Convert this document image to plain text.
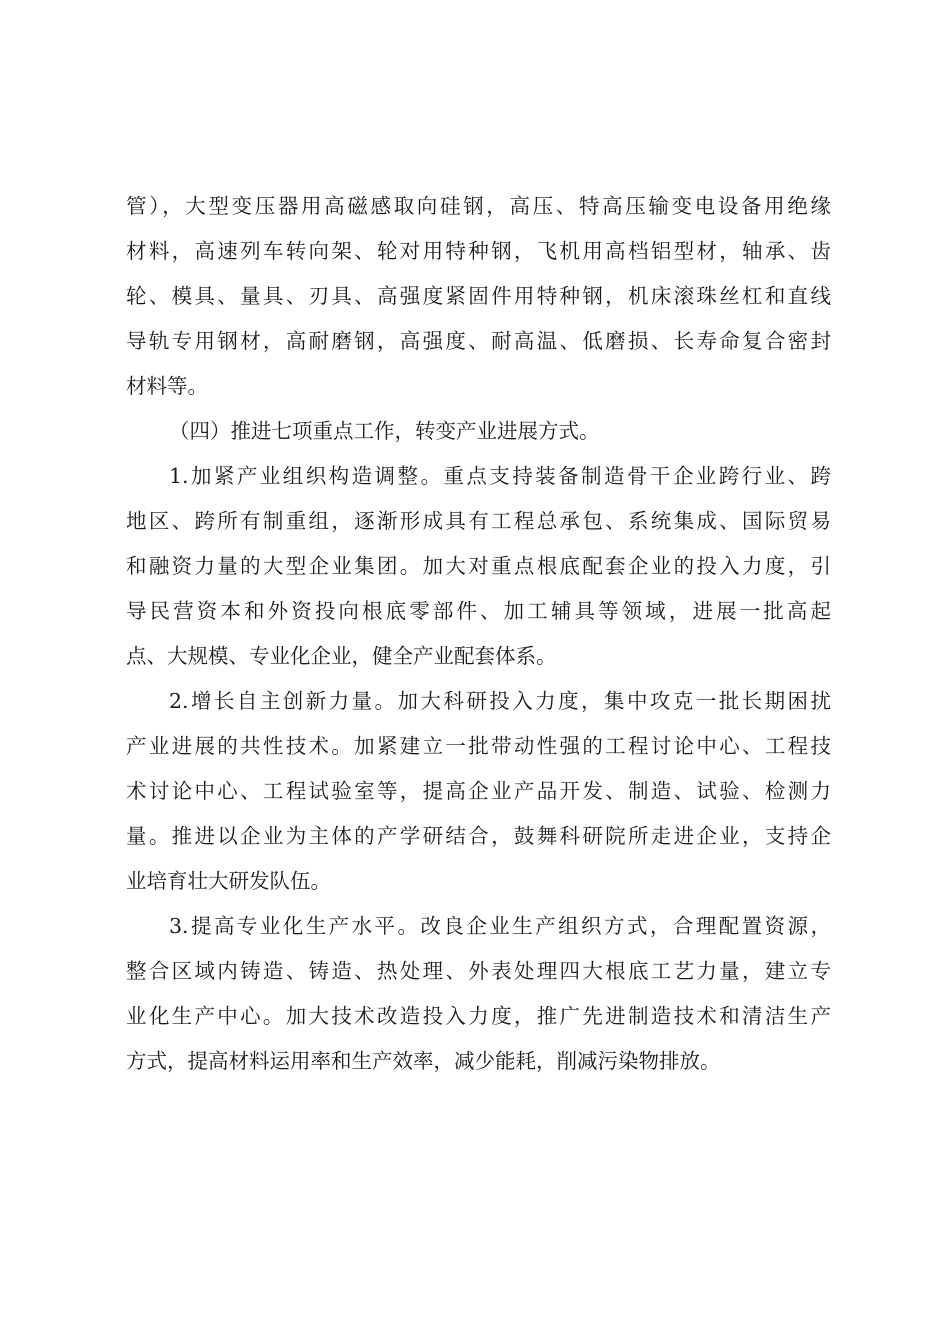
管），大型变压器用高磁感取向硅钢，高压、特高压输变电设备用绝缘
材料，高速列车转向架、轮对用特种钢，飞机用高档铝型材，轴承、齿
轮、模具、量具、刃具、高强度紧固件用特种钢，机床滚珠丝杠和直线
导轨专用钢材，高耐磨钢，高强度、耐高温、低磨损、长寿命复合密封
材料等。
（四）推进七项重点工作，转变产业进展方式。
1.加紧产业组织构造调整。重点支持装备制造骨干企业跨行业、跨
地区、跨所有制重组，逐渐形成具有工程总承包、系统集成、国际贸易
和融资力量的大型企业集团。加大对重点根底配套企业的投入力度，引
导民营资本和外资投向根底零部件、加工辅具等领域，进展一批高起
点、大规模、专业化企业，健全产业配套体系。
2.增长自主创新力量。加大科研投入力度，集中攻克一批长期困扰
产业进展的共性技术。加紧建立一批带动性强的工程讨论中心、工程技
术讨论中心、工程试验室等，提高企业产品开发、制造、试验、检测力
量。推进以企业为主体的产学研结合，鼓舞科研院所走进企业，支持企
业培育壮大研发队伍。
3.提高专业化生产水平。改良企业生产组织方式，合理配置资源，
整合区域内铸造、铸造、热处理、外表处理四大根底工艺力量，建立专
业化生产中心。加大技术改造投入力度，推广先进制造技术和清洁生产
方式，提高材料运用率和生产效率，减少能耗，削减污染物排放。
